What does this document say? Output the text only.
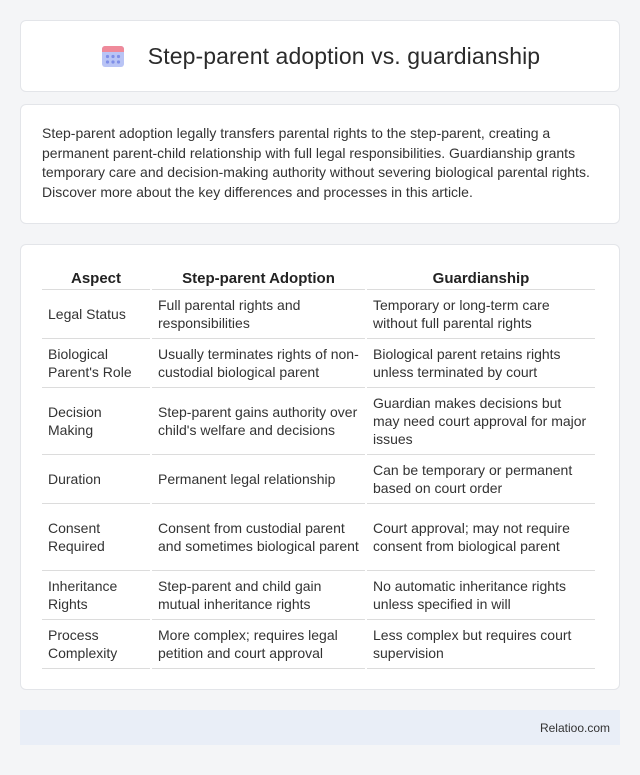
Step-parent adoption vs. guardianship

Step-parent adoption legally transfers parental rights to the step-parent, creating a permanent parent-child relationship with full legal responsibilities. Guardianship grants temporary care and decision-making authority without severing biological parental rights. Discover more about the key differences and processes in this article.

Aspect	Step-parent Adoption	Guardianship
Legal Status	Full parental rights and responsibilities	Temporary or long-term care without full parental rights
Biological Parent's Role	Usually terminates rights of non-custodial biological parent	Biological parent retains rights unless terminated by court
Decision Making	Step-parent gains authority over child's welfare and decisions	Guardian makes decisions but may need court approval for major issues
Duration	Permanent legal relationship	Can be temporary or permanent based on court order
Consent Required	Consent from custodial parent and sometimes biological parent	Court approval; may not require consent from biological parent
Inheritance Rights	Step-parent and child gain mutual inheritance rights	No automatic inheritance rights unless specified in will
Process Complexity	More complex; requires legal petition and court approval	Less complex but requires court supervision
Relatioo.com
